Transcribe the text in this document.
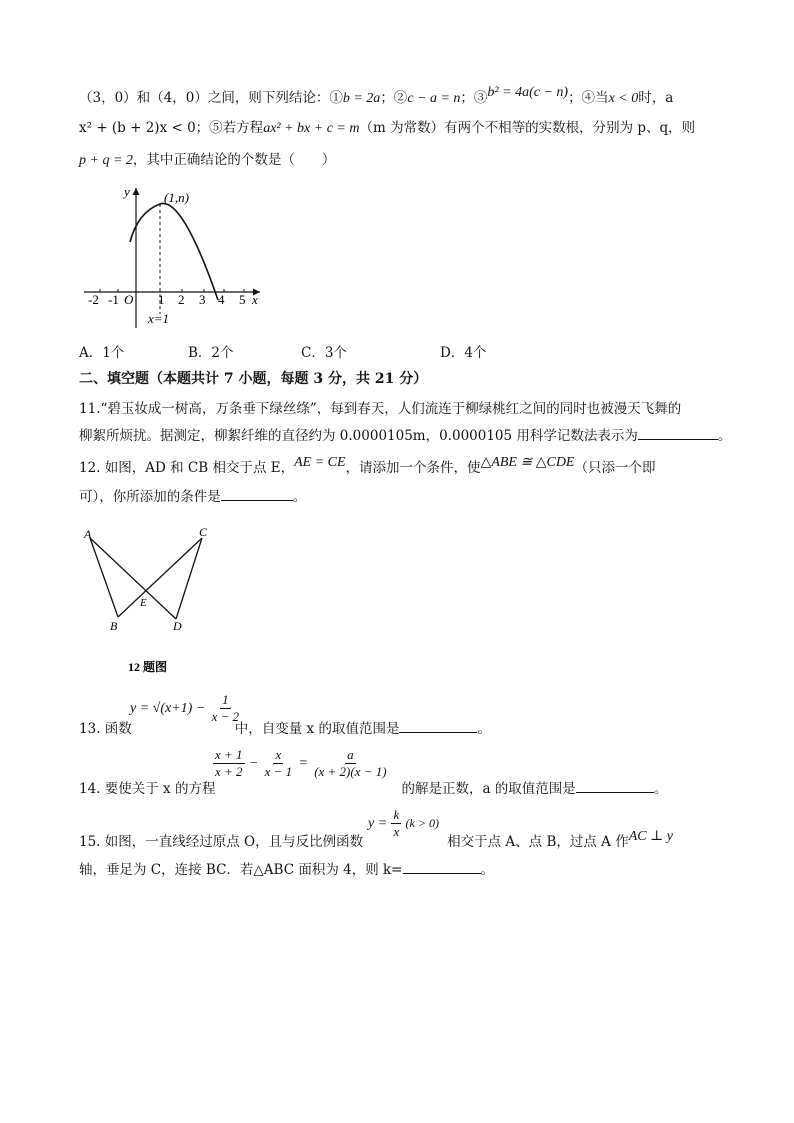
（3，0）和（4，0）之间，则下列结论：①b = 2a；②c − a = n；③b² = 4a(c − n)；④当x < 0时，a
x² + (b + 2)x < 0；⑤若方程ax² + bx + c = m（m 为常数）有两个不相等的实数根，分别为 p、q，则
p + q = 2，其中正确结论的个数是（　　）
y
x
(1,n)
O
-2 -1	1 2 3 4 5
x=1
A．1个	B．2个	C．3个	D．4个
二、填空题（本题共计 7 小题，每题 3 分，共 21 分）
11.“碧玉妆成一树高，万条垂下绿丝绦”，每到春天，人们流连于柳绿桃红之间的同时也被漫天飞舞的
柳絮所烦扰。据测定，柳絮纤维的直径约为 0.0000105m，0.0000105 用科学记数法表示为	。
12. 如图，AD 和 CB 相交于点 E，AE = CE，请添加一个条件，使△ABE ≅ △CDE（只添一个即
可），你所添加的条件是	。
A	C
B	D
E
12 题图
$y = √(x+1) - \frac{1}{x - 2}$
13. 函数	中，自变量 x 的取值范围是	。
$\frac{x + 1}{x + 2} - \frac{x}{x - 1} = \frac{a}{(x + 2)(x - 1)}$
14. 要使关于 x 的方程	的解是正数，a 的取值范围是	。
$y = \frac{k}{x} (k > 0)$
15. 如图，一直线经过原点 O，且与反比例函数	相交于点 A、点 B，过点 A 作AC ⊥ y
轴，垂足为 C，连接 BC．若△ABC 面积为 4，则 k=	。
